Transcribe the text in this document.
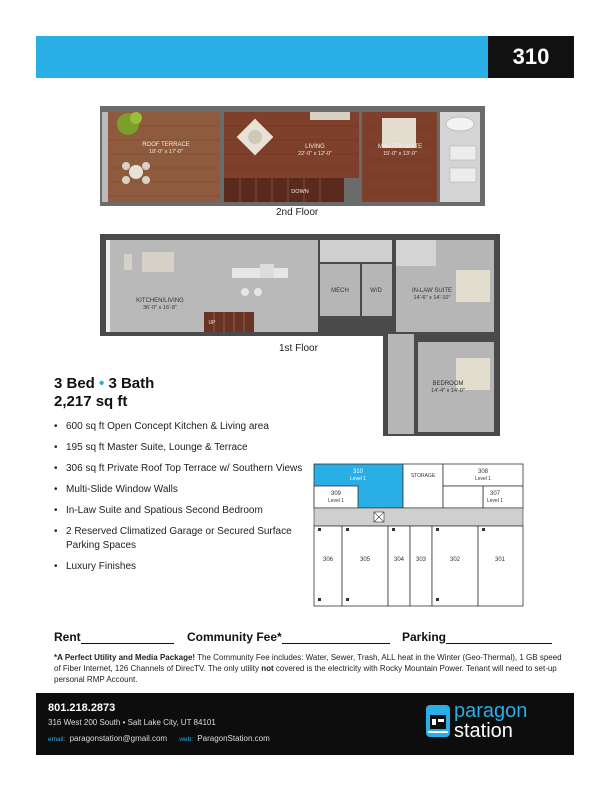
310
ROOF TERRACE
18'-0" x 17'-0"
LIVING
22'-0" x 12'-0"
MASTER SUITE
15'-0" x 13'-0"
DOWN
KITCHEN/LIVING
36'-0" x 16'-8"
MECH	W/D	IN-LAW SUITE
14'-6" x 14'-10"
BEDROOM
14'-4" x 14'-0"
UP
2nd Floor
1st Floor
3 Bed • 3 Bath
2,217 sq ft
• 600 sq ft Open Concept Kitchen & Living area
• 195 sq ft Master Suite, Lounge & Terrace
• 306 sq ft Private Roof Top Terrace w/ Southern Views
• Multi-Slide Window Walls
• In-Law Suite and Spatious Second Bedroom
• 2 Reserved Climatized Garage or Secured Surface Parking Spaces
• Luxury Finishes
310
Level 1	STORAGE
308
Level 1
309
Level 1
307
Level 1
306	305	304 303	302	301
Rent	Community Fee*	Parking
*A Perfect Utility and Media Package! The Community Fee includes: Water, Sewer, Trash, ALL heat in the Winter (Geo-Thermal), 1 GB speed of Fiber Internet, 126 Channels of DirecTV. The only utility not covered is the electricity with Rocky Mountain Power. Tenant will need to set-up personal RMP Account.
801.218.2873
316 West 200 South • Salt Lake City, UT 84101
email: paragonstation@gmail.com web: ParagonStation.com
paragon
station
